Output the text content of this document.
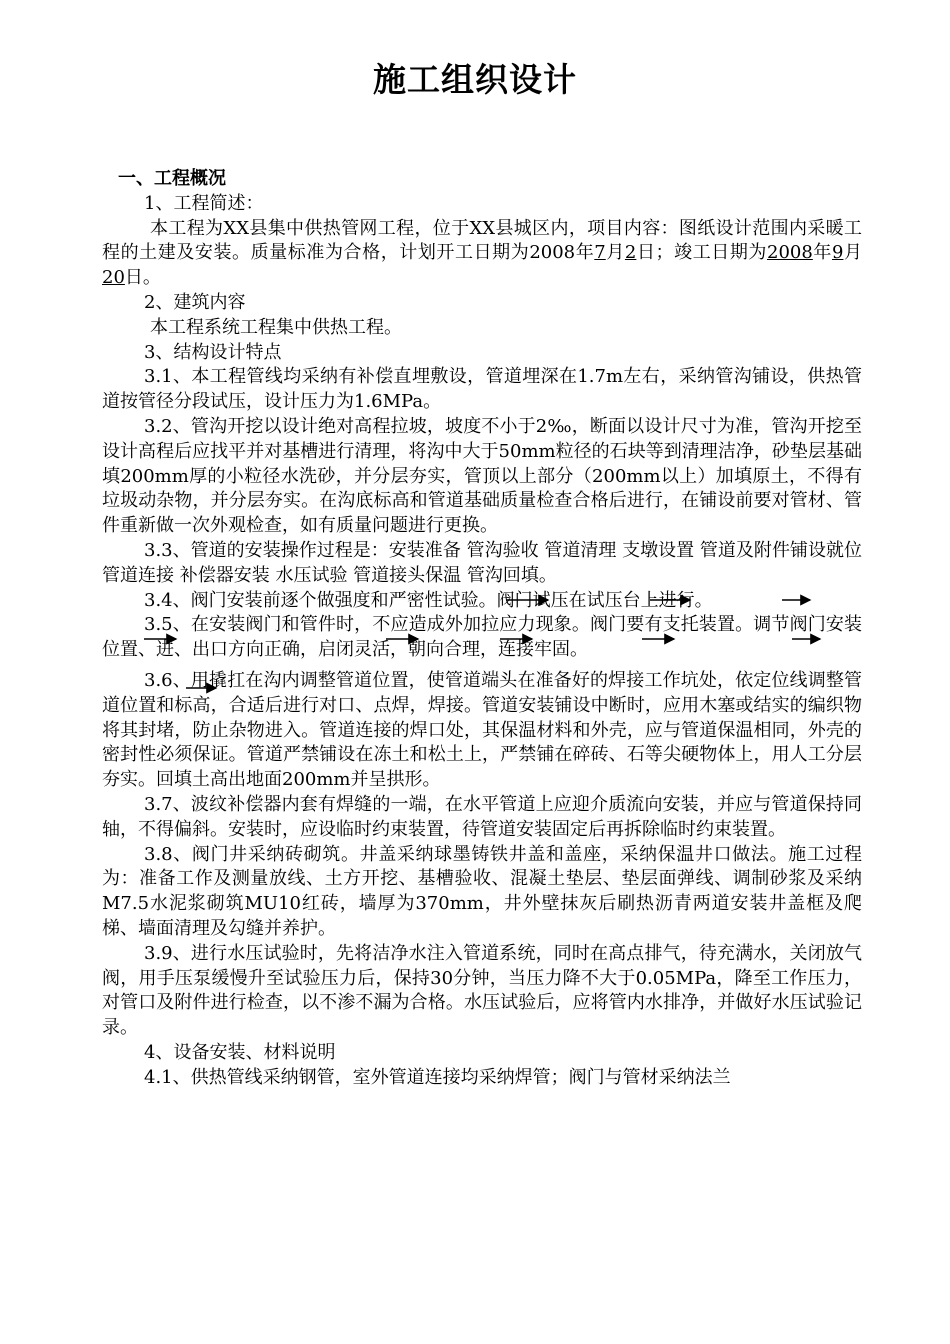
施工组织设计

一、工程概况

1、工程简述：

本工程为XX县集中供热管网工程，位于XX县城区内，项目内容：图纸设计范围内采暖工程的土建及安装。质量标准为合格，计划开工日期为2008年7月2日；竣工日期为2008年9月20日。

2、建筑内容

本工程系统工程集中供热工程。

3、结构设计特点

3.1、本工程管线均采纳有补偿直埋敷设，管道埋深在1.7m左右，采纳管沟铺设，供热管道按管径分段试压，设计压力为1.6MPa。

3.2、管沟开挖以设计绝对高程拉坡，坡度不小于2‰，断面以设计尺寸为准，管沟开挖至设计高程后应找平并对基槽进行清理，将沟中大于50mm粒径的石块等到清理洁净，砂垫层基础填200mm厚的小粒径水洗砂，并分层夯实，管顶以上部分（200mm以上）加填原土，不得有垃圾动杂物，并分层夯实。在沟底标高和管道基础质量检查合格后进行，在铺设前要对管材、管件重新做一次外观检查，如有质量问题进行更换。

3.3、管道的安装操作过程是：安装准备 管沟验收 管道清理 支墩设置 管道及附件铺设就位 管道连接 补偿器安装 水压试验 管道接头保温 管沟回填。

3.4、阀门安装前逐个做强度和严密性试验。阀门试压在试压台上进行。

3.5、在安装阀门和管件时，不应造成外加拉应力现象。阀门要有支托装置。调节阀门安装位置、进、出口方向正确，启闭灵活，朝向合理，连接牢固。

3.6、用撬扛在沟内调整管道位置，使管道端头在准备好的焊接工作坑处，依定位线调整管道位置和标高，合适后进行对口、点焊，焊接。管道安装铺设中断时，应用木塞或结实的编织物将其封堵，防止杂物进入。管道连接的焊口处，其保温材料和外壳，应与管道保温相同，外壳的密封性必须保证。管道严禁铺设在冻土和松土上，严禁铺在碎砖、石等尖硬物体上，用人工分层夯实。回填土高出地面200mm并呈拱形。

3.7、波纹补偿器内套有焊缝的一端，在水平管道上应迎介质流向安装，并应与管道保持同轴，不得偏斜。安装时，应设临时约束装置，待管道安装固定后再拆除临时约束装置。

3.8、阀门井采纳砖砌筑。井盖采纳球墨铸铁井盖和盖座，采纳保温井口做法。施工过程为：准备工作及测量放线、土方开挖、基槽验收、混凝土垫层、垫层面弹线、调制砂浆及采纳M7.5水泥浆砌筑MU10红砖，墙厚为370mm，井外壁抹灰后刷热沥青两道安装井盖框及爬梯、墙面清理及勾缝并养护。

3.9、进行水压试验时，先将洁净水注入管道系统，同时在高点排气，待充满水，关闭放气阀，用手压泵缓慢升至试验压力后，保持30分钟，当压力降不大于0.05MPa，降至工作压力，对管口及附件进行检查，以不渗不漏为合格。水压试验后，应将管内水排净，并做好水压试验记录。

4、设备安装、材料说明

4.1、供热管线采纳钢管，室外管道连接均采纳焊管；阀门与管材采纳法兰
